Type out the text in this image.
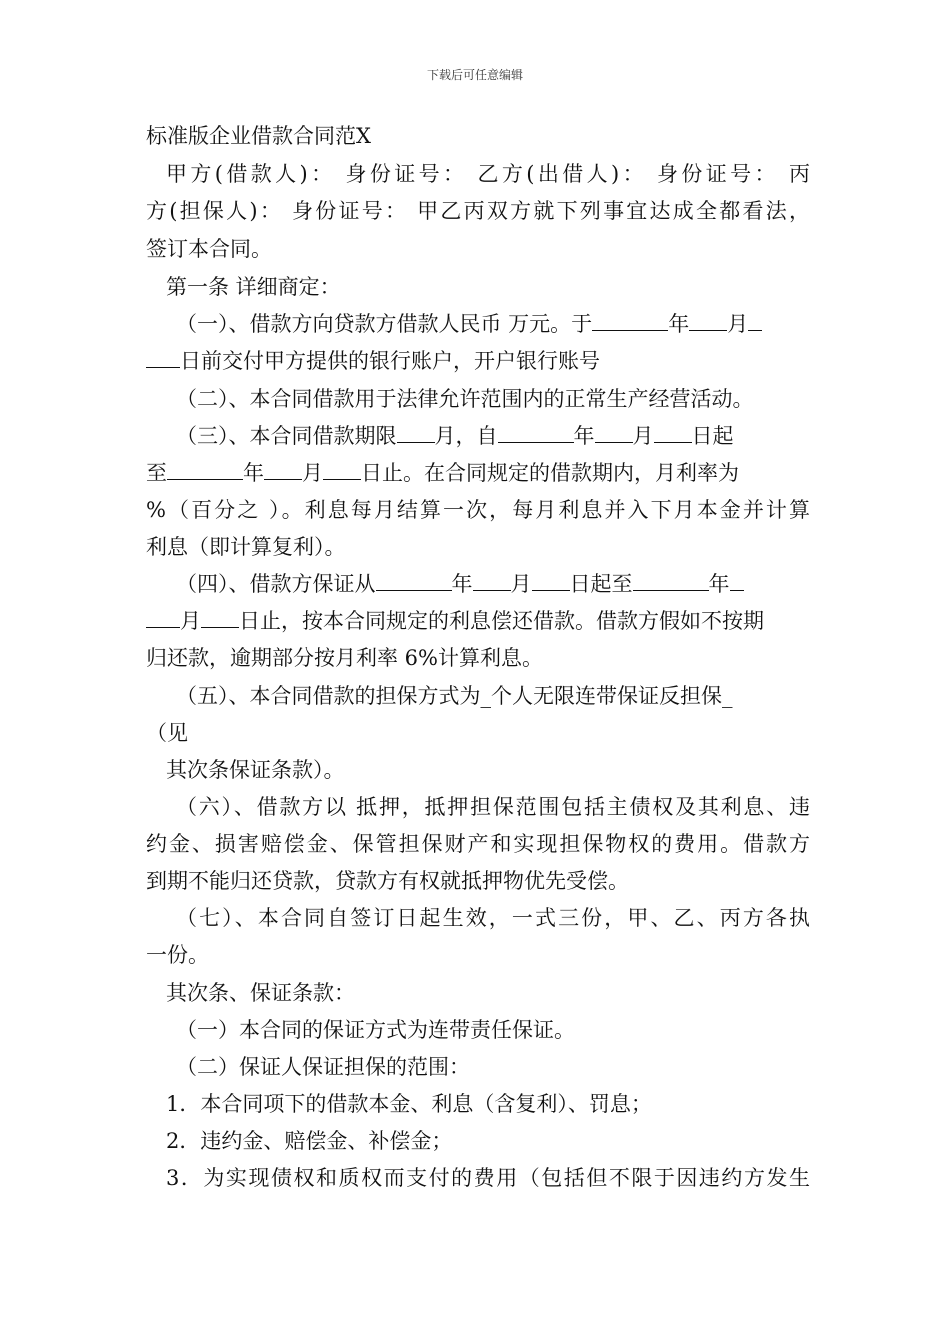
下载后可任意编辑
标准版企业借款合同范X
甲方(借款人)： 身份证号： 乙方(出借人)： 身份证号： 丙
方(担保人)： 身份证号： 甲乙丙双方就下列事宜达成全都看法，
签订本合同。
第一条 详细商定：
（一）、借款方向贷款方借款人民币 万元。于	年 月
日前交付甲方提供的银行账户，开户银行账号
（二）、本合同借款用于法律允许范围内的正常生产经营活动。
（三）、本合同借款期限 月，自	年 月 日起
至	年 月 日止。在合同规定的借款期内，月利率为
%（百分之 ）。利息每月结算一次，每月利息并入下月本金并计算
利息（即计算复利）。
（四）、借款方保证从	年 月 日起至	年
月 日止，按本合同规定的利息偿还借款。借款方假如不按期
归还款，逾期部分按月利率 6%计算利息。
（五）、本合同借款的担保方式为_个人无限连带保证反担保_
（见
其次条保证条款）。
（六）、借款方以 抵押，抵押担保范围包括主债权及其利息、违
约金、损害赔偿金、保管担保财产和实现担保物权的费用。借款方
到期不能归还贷款，贷款方有权就抵押物优先受偿。
（七）、本合同自签订日起生效，一式三份，甲、乙、丙方各执
一份。
其次条、保证条款：
（一）本合同的保证方式为连带责任保证。
（二）保证人保证担保的范围：
1．本合同项下的借款本金、利息（含复利）、罚息；
2．违约金、赔偿金、补偿金；
3．为实现债权和质权而支付的费用（包括但不限于因违约方发生
